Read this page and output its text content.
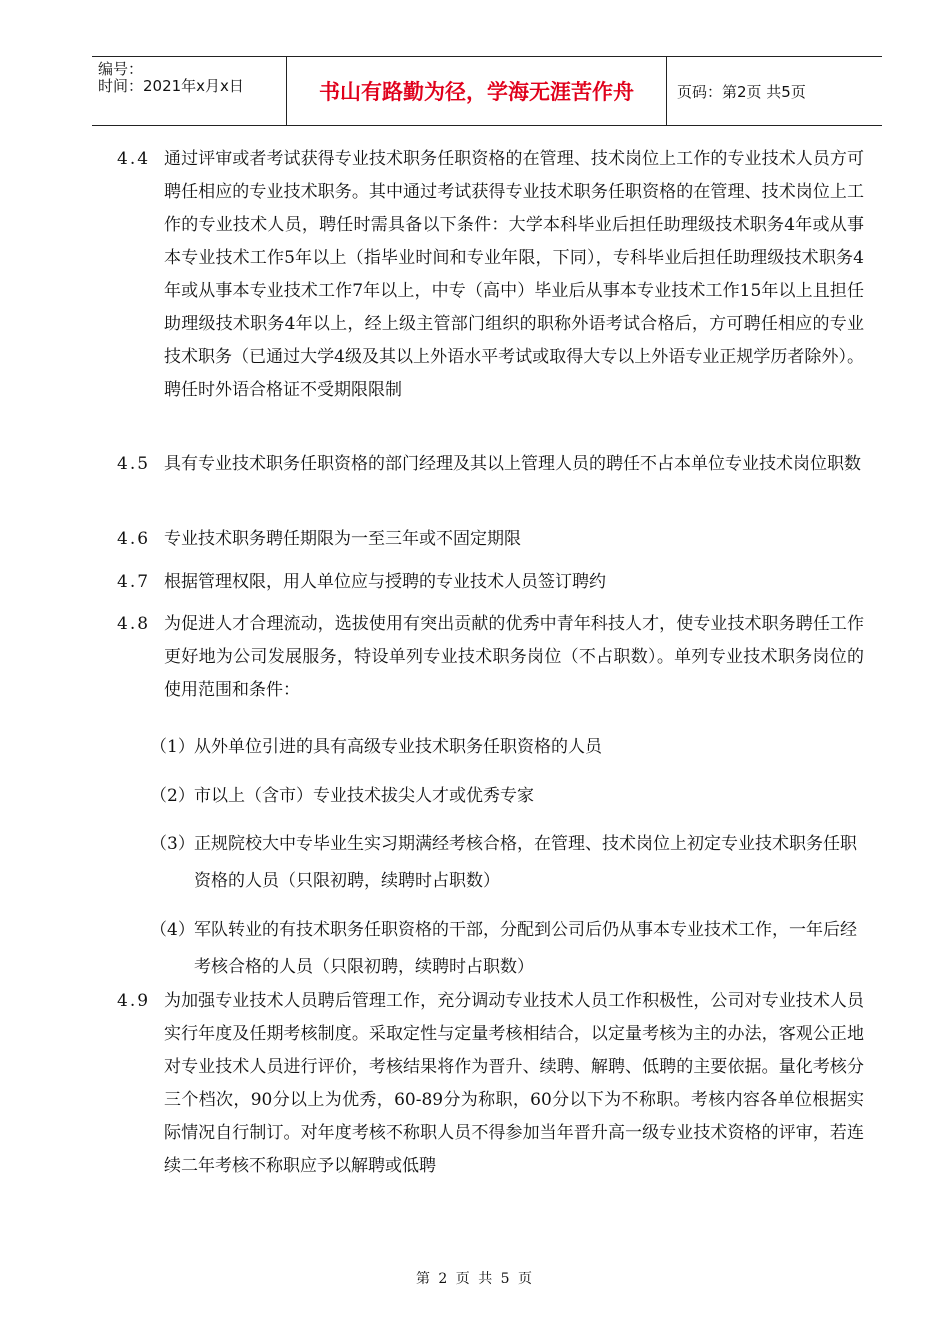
编号：
时间：2021年x月x日	书山有路勤为径，学海无涯苦作舟	页码：第2页 共5页
4.4 通过评审或者考试获得专业技术职务任职资格的在管理、技术岗位上工作的专业技术人员方可聘任相应的专业技术职务。其中通过考试获得专业技术职务任职资格的在管理、技术岗位上工作的专业技术人员，聘任时需具备以下条件：大学本科毕业后担任助理级技术职务4年或从事本专业技术工作5年以上（指毕业时间和专业年限，下同），专科毕业后担任助理级技术职务4年或从事本专业技术工作7年以上，中专（高中）毕业后从事本专业技术工作15年以上且担任助理级技术职务4年以上，经上级主管部门组织的职称外语考试合格后，方可聘任相应的专业技术职务（已通过大学4级及其以上外语水平考试或取得大专以上外语专业正规学历者除外）。聘任时外语合格证不受期限限制
4.5 具有专业技术职务任职资格的部门经理及其以上管理人员的聘任不占本单位专业技术岗位职数
4.6 专业技术职务聘任期限为一至三年或不固定期限
4.7 根据管理权限，用人单位应与授聘的专业技术人员签订聘约
4.8 为促进人才合理流动，选拔使用有突出贡献的优秀中青年科技人才，使专业技术职务聘任工作更好地为公司发展服务，特设单列专业技术职务岗位（不占职数）。单列专业技术职务岗位的使用范围和条件：
（1） 从外单位引进的具有高级专业技术职务任职资格的人员
（2） 市以上（含市）专业技术拔尖人才或优秀专家
（3） 正规院校大中专毕业生实习期满经考核合格，在管理、技术岗位上初定专业技术职务任职资格的人员（只限初聘，续聘时占职数）
（4） 军队转业的有技术职务任职资格的干部，分配到公司后仍从事本专业技术工作，一年后经考核合格的人员（只限初聘，续聘时占职数）
4.9 为加强专业技术人员聘后管理工作，充分调动专业技术人员工作积极性，公司对专业技术人员实行年度及任期考核制度。采取定性与定量考核相结合，以定量考核为主的办法，客观公正地对专业技术人员进行评价，考核结果将作为晋升、续聘、解聘、低聘的主要依据。量化考核分三个档次，90分以上为优秀，60-89分为称职，60分以下为不称职。考核内容各单位根据实际情况自行制订。对年度考核不称职人员不得参加当年晋升高一级专业技术资格的评审，若连续二年考核不称职应予以解聘或低聘
第 2 页 共 5 页
